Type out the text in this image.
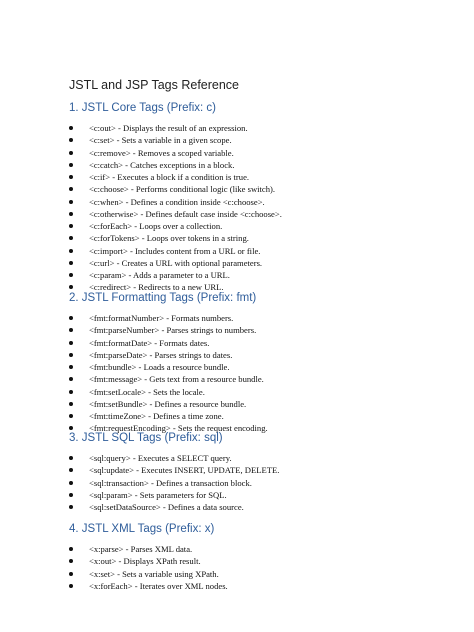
JSTL and JSP Tags Reference
1. JSTL Core Tags (Prefix: c)
<c:out> - Displays the result of an expression.
<c:set> - Sets a variable in a given scope.
<c:remove> - Removes a scoped variable.
<c:catch> - Catches exceptions in a block.
<c:if> - Executes a block if a condition is true.
<c:choose> - Performs conditional logic (like switch).
<c:when> - Defines a condition inside <c:choose>.
<c:otherwise> - Defines default case inside <c:choose>.
<c:forEach> - Loops over a collection.
<c:forTokens> - Loops over tokens in a string.
<c:import> - Includes content from a URL or file.
<c:url> - Creates a URL with optional parameters.
<c:param> - Adds a parameter to a URL.
<c:redirect> - Redirects to a new URL.
2. JSTL Formatting Tags (Prefix: fmt)
<fmt:formatNumber> - Formats numbers.
<fmt:parseNumber> - Parses strings to numbers.
<fmt:formatDate> - Formats dates.
<fmt:parseDate> - Parses strings to dates.
<fmt:bundle> - Loads a resource bundle.
<fmt:message> - Gets text from a resource bundle.
<fmt:setLocale> - Sets the locale.
<fmt:setBundle> - Defines a resource bundle.
<fmt:timeZone> - Defines a time zone.
<fmt:requestEncoding> - Sets the request encoding.
3. JSTL SQL Tags (Prefix: sql)
<sql:query> - Executes a SELECT query.
<sql:update> - Executes INSERT, UPDATE, DELETE.
<sql:transaction> - Defines a transaction block.
<sql:param> - Sets parameters for SQL.
<sql:setDataSource> - Defines a data source.
4. JSTL XML Tags (Prefix: x)
<x:parse> - Parses XML data.
<x:out> - Displays XPath result.
<x:set> - Sets a variable using XPath.
<x:forEach> - Iterates over XML nodes.
